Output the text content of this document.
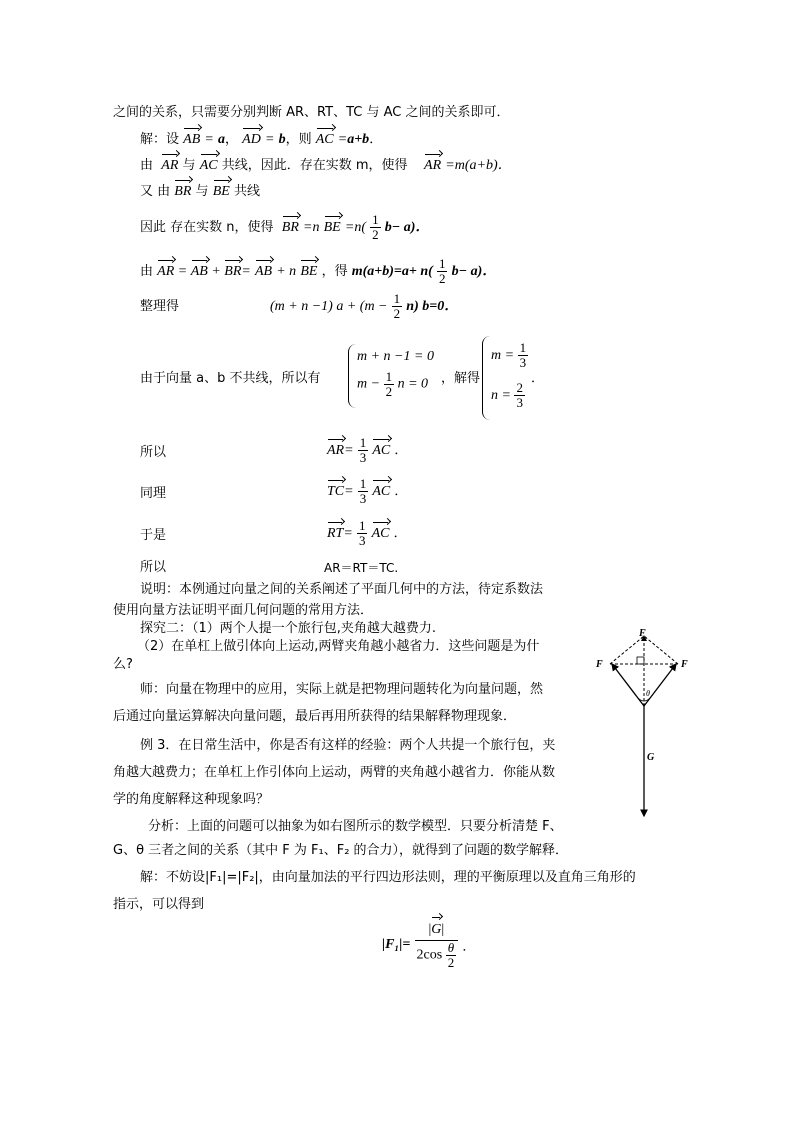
之间的关系，只需要分别判断 AR、RT、TC 与 AC 之间的关系即可．
解：设 AB = a， AD = b，则 AC =a+b．
由 AR 与 AC 共线，因此．存在实数 m，使得 AR =m(a+b)．
又 由 BR 与 BE 共线
因此 存在实数 n，使得 BR =n BE $=n( \frac{1}{2} b- a)$．
由 AR = AB + BR= AB + n BE ，得 $m(a+b)=a+ n( \frac{1}{2} b- a)$．
整理得	(m + n −1) $a + (m - \frac{1}{2} n)$ b=0．
由于向量 a、b 不共线，所以有
m + n −1 = 0
$m - \frac{1}{2}$ n = 0 ，解得
$m = \frac{1}{3}$
$n = \frac{2}{3}$
．
所以	$AR= \frac{1}{3}$ AC ．
同理	$TC= \frac{1}{3}$ AC ．
于是	$RT= \frac{1}{3}$ AC ．
所以	AR＝RT＝TC.
说明：本例通过向量之间的关系阐述了平面几何中的方法，待定系数法
使用向量方法证明平面几何问题的常用方法．
探究二：（1）两个人提一个旅行包,夹角越大越费力.
（2）在单杠上做引体向上运动,两臂夹角越小越省力．这些问题是为什
么?
师：向量在物理中的应用，实际上就是把物理问题转化为向量问题，然
后通过向量运算解决向量问题，最后再用所获得的结果解释物理现象．
例 3．在日常生活中，你是否有这样的经验：两个人共提一个旅行包，夹
角越大越费力；在单杠上作引体向上运动，两臂的夹角越小越省力．你能从数
学的角度解释这种现象吗？
分析：上面的问题可以抽象为如右图所示的数学模型．只要分析清楚 F、
G、θ 三者之间的关系（其中 F 为 F₁、F₂ 的合力），就得到了问题的数学解释．
解：不妨设|F₁|=|F₂|，由向量加法的平行四边形法则，理的平衡原理以及直角三角形的
指示，可以得到
$|F_1|= \frac{|G|}{2\cos \frac{\theta}{2}}$ ．
F
F	F
θ
G
